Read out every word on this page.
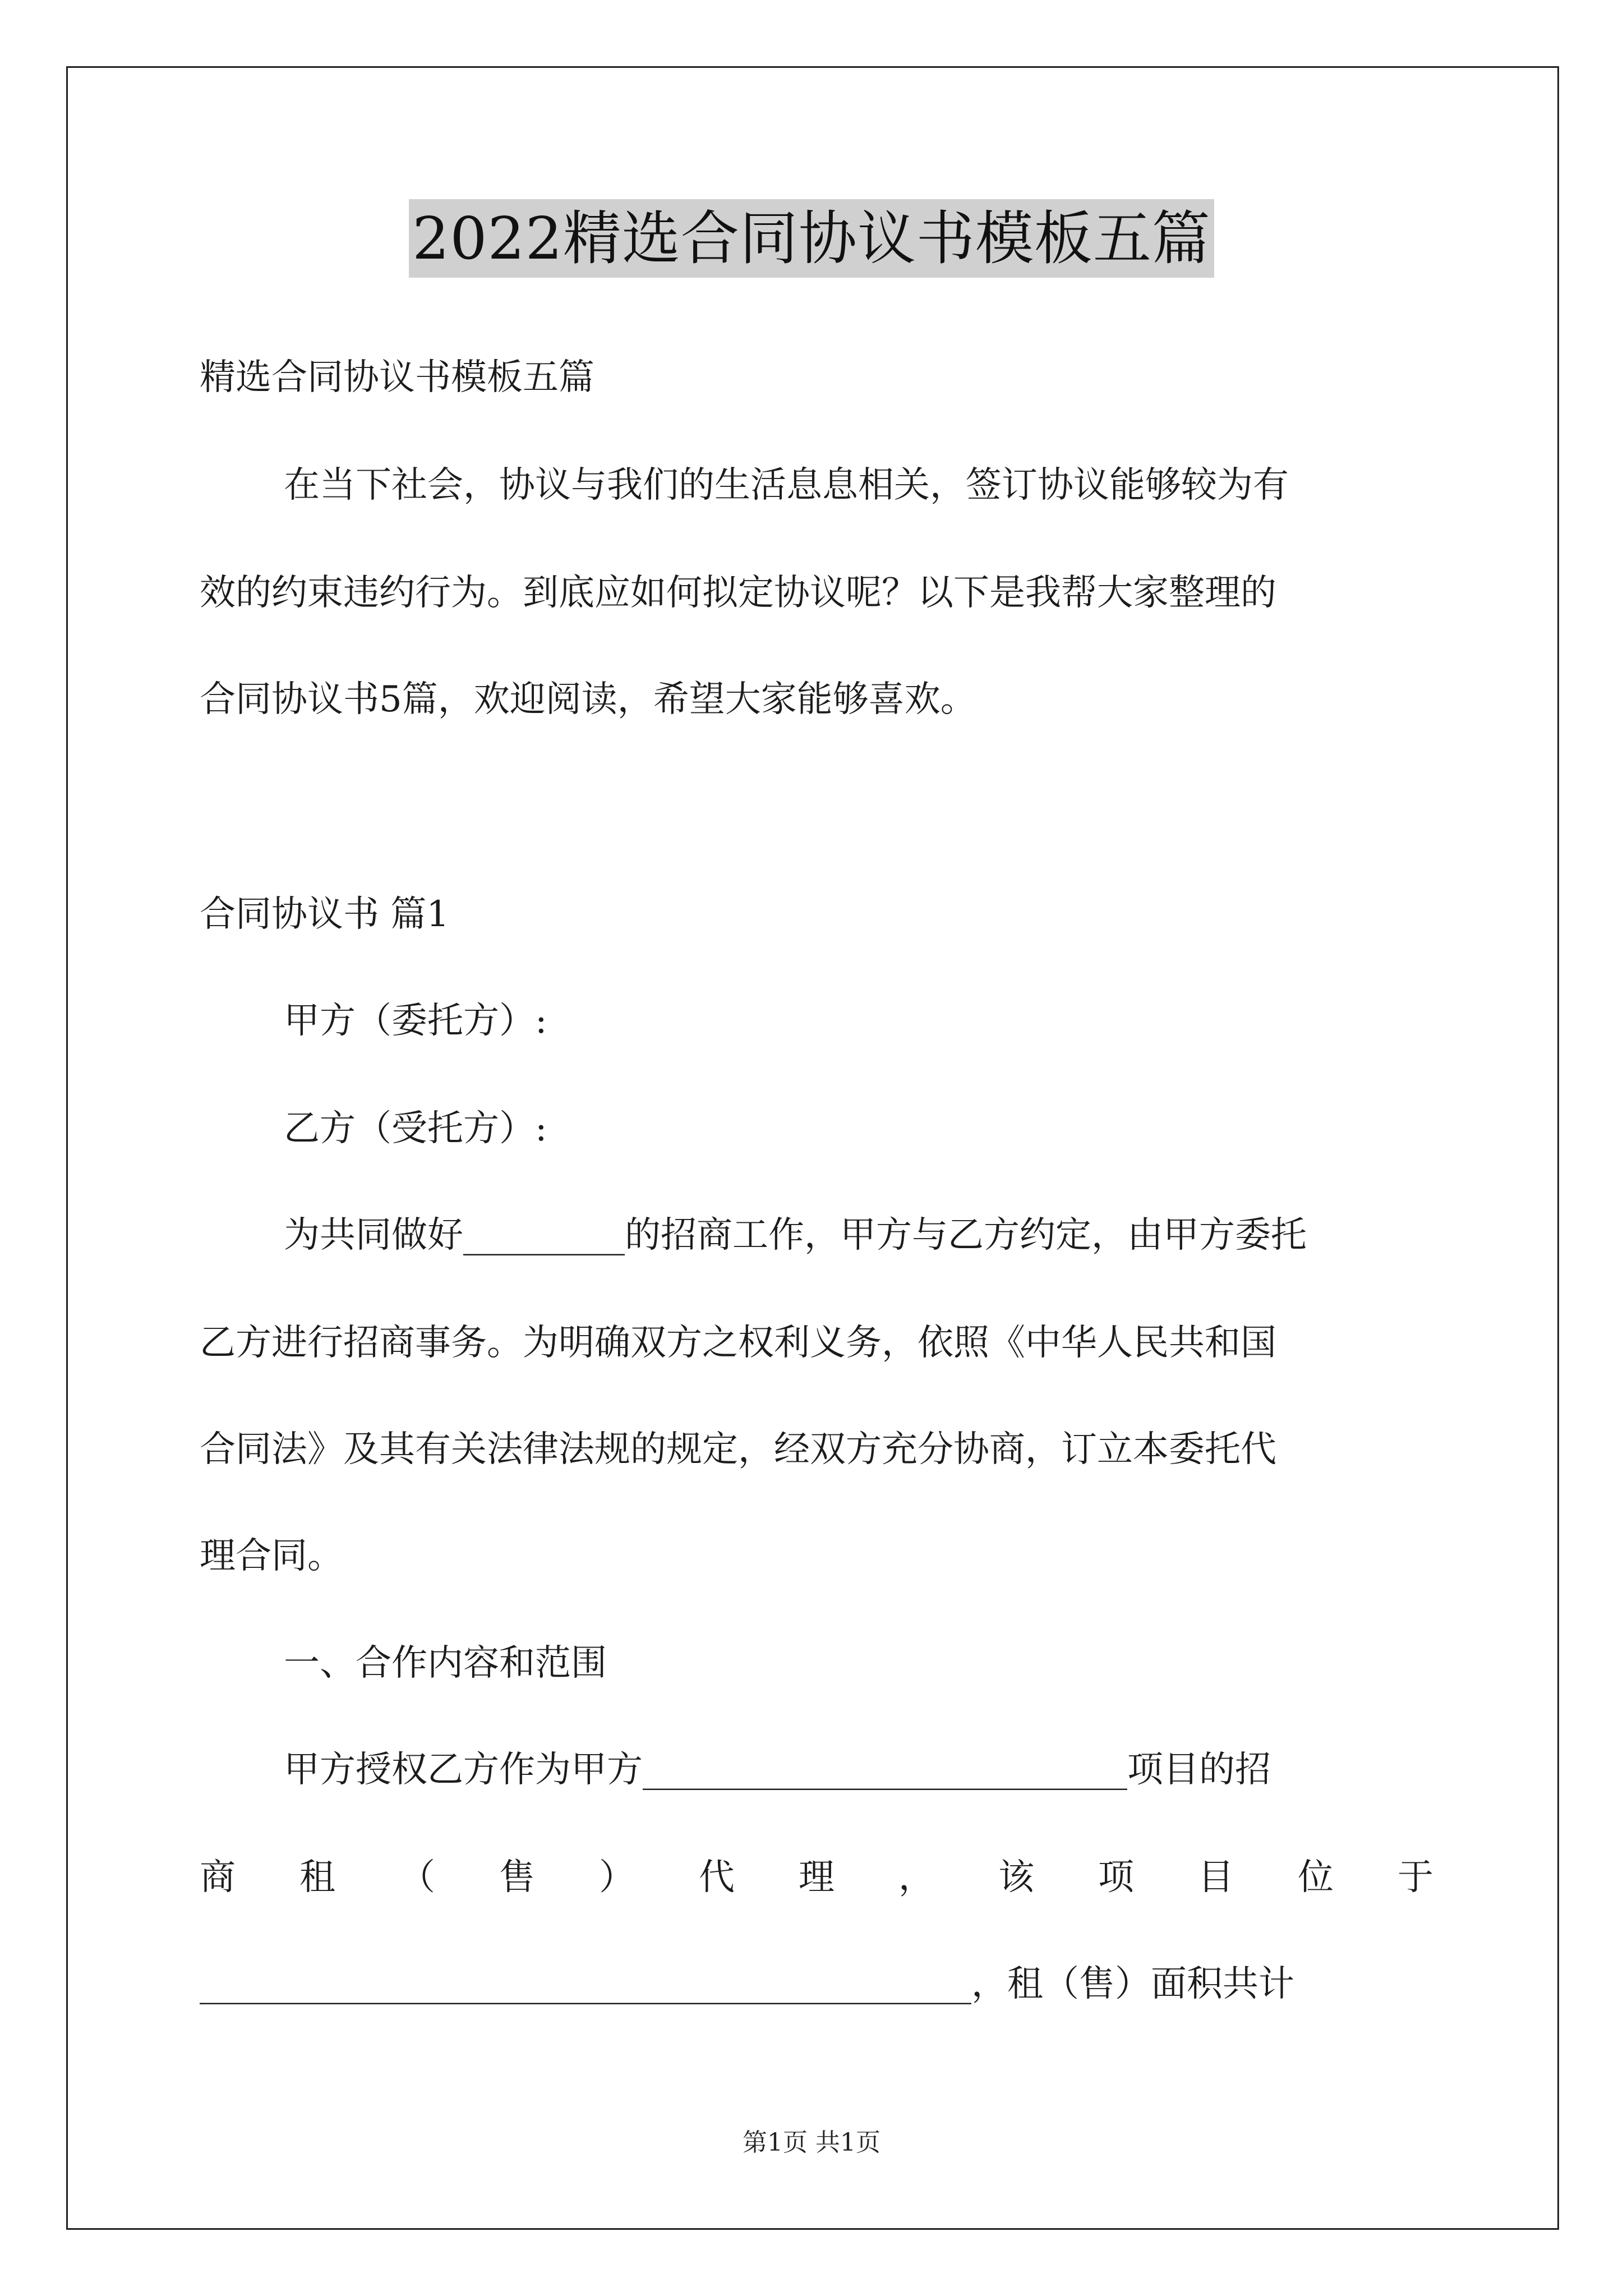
2022精选合同协议书模板五篇
精选合同协议书模板五篇
在当下社会，协议与我们的生活息息相关，签订协议能够较为有
效的约束违约行为。到底应如何拟定协议呢？以下是我帮大家整理的
合同协议书5篇，欢迎阅读，希望大家能够喜欢。
合同协议书 篇1
甲方（委托方）:
乙方（受托方）:
为共同做好_________的招商工作，甲方与乙方约定，由甲方委托
乙方进行招商事务。为明确双方之权利义务，依照《中华人民共和国
合同法》及其有关法律法规的规定，经双方充分协商，订立本委托代
理合同。
一、合作内容和范围
甲方授权乙方作为甲方___________________________项目的招
商 租 （ 售 ） 代 理 ， 该 项 目 位 于
___________________________________________，租（售）面积共计
第1页 共1页
